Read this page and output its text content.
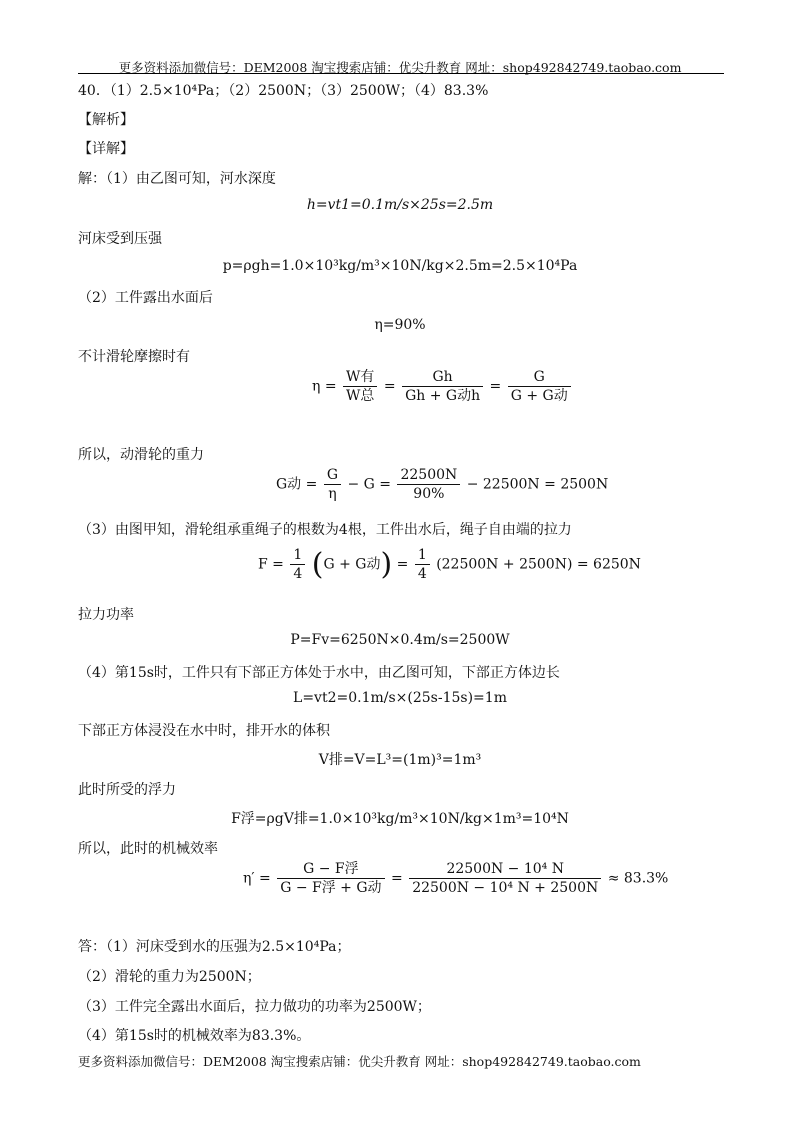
更多资料添加微信号：DEM2008 淘宝搜索店铺：优尖升教育 网址：shop492842749.taobao.com
40．（1）2.5×10⁴Pa；（2）2500N；（3）2500W；（4）83.3%
【解析】
【详解】
解：（1）由乙图可知，河水深度
h=vt1=0.1m/s×25s=2.5m
河床受到压强
p=ρgh=1.0×10³kg/m³×10N/kg×2.5m=2.5×10⁴Pa
（2）工件露出水面后
η=90%
不计滑轮摩擦时有
$\eta = \frac{\text{W有}}{\text{W总}} = \frac{Gh}{\text{Gh + G动h}} = \frac{G}{\text{G + G动}}$
所以，动滑轮的重力
G动 = $\frac{G}{\eta} - G = \frac{22500N}{90\%} - 22500N = 2500N$
（3）由图甲知，滑轮组承重绳子的根数为4根，工件出水后，绳子自由端的拉力
$F = \frac{1}{4} (G + G$动) = $\frac{1}{4} (22500N + 2500N) = 6250N$
拉力功率
P=Fv=6250N×0.4m/s=2500W
（4）第15s时，工件只有下部正方体处于水中，由乙图可知，下部正方体边长
L=vt2=0.1m/s×(25s-15s)=1m
下部正方体浸没在水中时，排开水的体积
V排=V=L³=(1m)³=1m³
此时所受的浮力
F浮=ρgV排=1.0×10³kg/m³×10N/kg×1m³=10⁴N
所以，此时的机械效率
$\eta' = \frac{\text{G − F浮}}{\text{G − F浮 + G动}} = \frac{\text{22500N − 10⁴ N}}{\text{22500N − 10⁴ N + 2500N}} \approx 83.3\%$
答：（1）河床受到水的压强为2.5×10⁴Pa；
（2）滑轮的重力为2500N；
（3）工件完全露出水面后，拉力做功的功率为2500W；
（4）第15s时的机械效率为83.3%。
更多资料添加微信号：DEM2008 淘宝搜索店铺：优尖升教育 网址：shop492842749.taobao.com
